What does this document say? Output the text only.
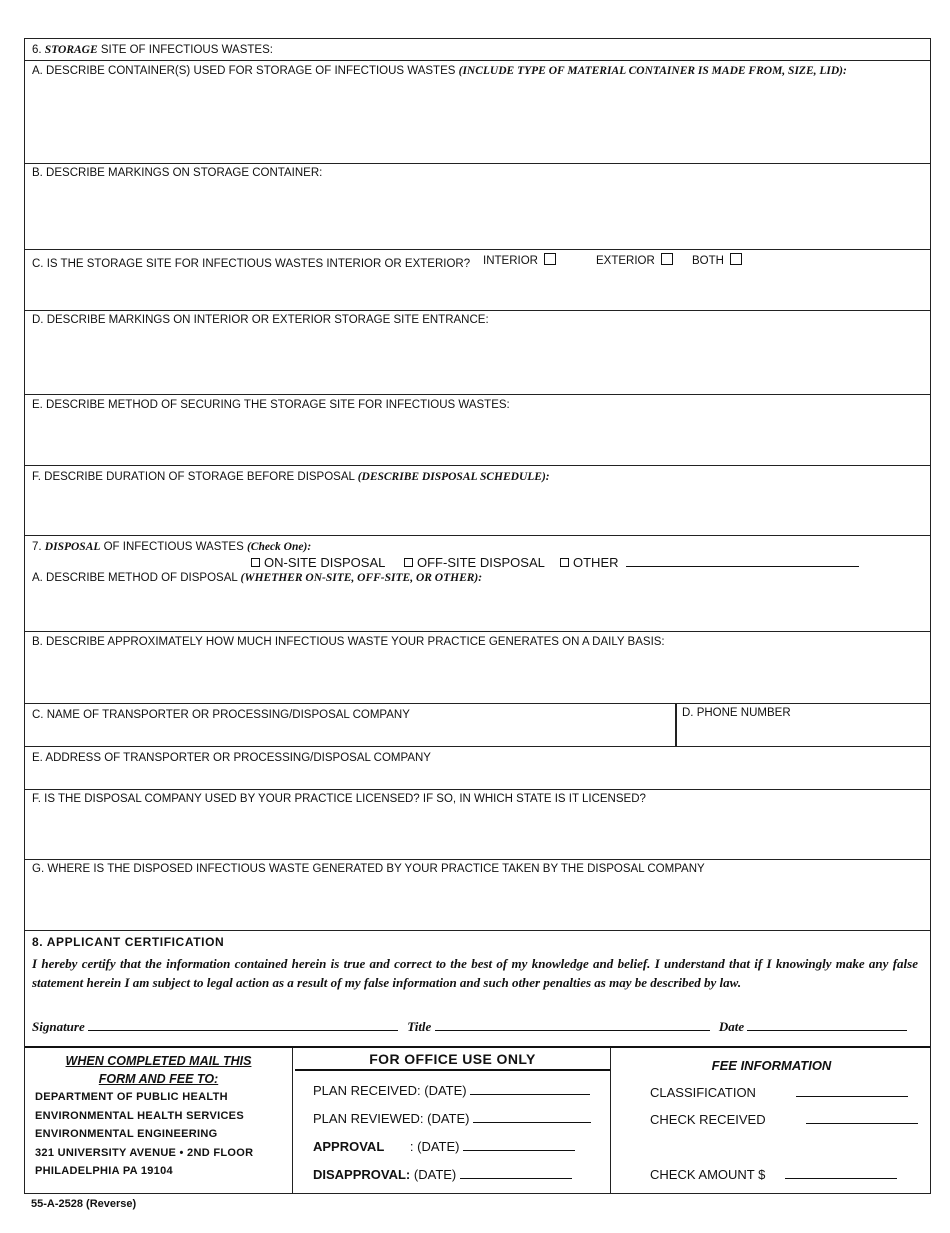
6. STORAGE SITE OF INFECTIOUS WASTES:
A. DESCRIBE CONTAINER(S) USED FOR STORAGE OF INFECTIOUS WASTES (INCLUDE TYPE OF MATERIAL CONTAINER IS MADE FROM, SIZE, LID):
B. DESCRIBE MARKINGS ON STORAGE CONTAINER:
C. IS THE STORAGE SITE FOR INFECTIOUS WASTES INTERIOR OR EXTERIOR? INTERIOR	EXTERIOR	BOTH
D. DESCRIBE MARKINGS ON INTERIOR OR EXTERIOR STORAGE SITE ENTRANCE:
E. DESCRIBE METHOD OF SECURING THE STORAGE SITE FOR INFECTIOUS WASTES:
F. DESCRIBE DURATION OF STORAGE BEFORE DISPOSAL (DESCRIBE DISPOSAL SCHEDULE):
7. DISPOSAL OF INFECTIOUS WASTES (Check One):
ON-SITE DISPOSAL	OFF-SITE DISPOSAL	OTHER
A. DESCRIBE METHOD OF DISPOSAL (WHETHER ON-SITE, OFF-SITE, OR OTHER):
B. DESCRIBE APPROXIMATELY HOW MUCH INFECTIOUS WASTE YOUR PRACTICE GENERATES ON A DAILY BASIS:
C. NAME OF TRANSPORTER OR PROCESSING/DISPOSAL COMPANY	D. PHONE NUMBER
E. ADDRESS OF TRANSPORTER OR PROCESSING/DISPOSAL COMPANY
F. IS THE DISPOSAL COMPANY USED BY YOUR PRACTICE LICENSED? IF SO, IN WHICH STATE IS IT LICENSED?
G. WHERE IS THE DISPOSED INFECTIOUS WASTE GENERATED BY YOUR PRACTICE TAKEN BY THE DISPOSAL COMPANY
8. APPLICANT CERTIFICATION
I hereby certify that the information contained herein is true and correct to the best of my knowledge and belief. I understand that if I knowingly make any false statement herein I am subject to legal action as a result of my false information and such other penalties as may be described by law.
Signature	Title	Date
WHEN COMPLETED MAIL THIS
FORM AND FEE TO:
DEPARTMENT OF PUBLIC HEALTH
ENVIRONMENTAL HEALTH SERVICES
ENVIRONMENTAL ENGINEERING
321 UNIVERSITY AVENUE • 2ND FLOOR
PHILADELPHIA PA 19104
FOR OFFICE USE ONLY
PLAN RECEIVED: (DATE)
PLAN REVIEWED: (DATE)
APPROVAL : (DATE)
DISAPPROVAL: (DATE)
FEE INFORMATION
CLASSIFICATION
CHECK RECEIVED
CHECK AMOUNT $
55-A-2528 (Reverse)
